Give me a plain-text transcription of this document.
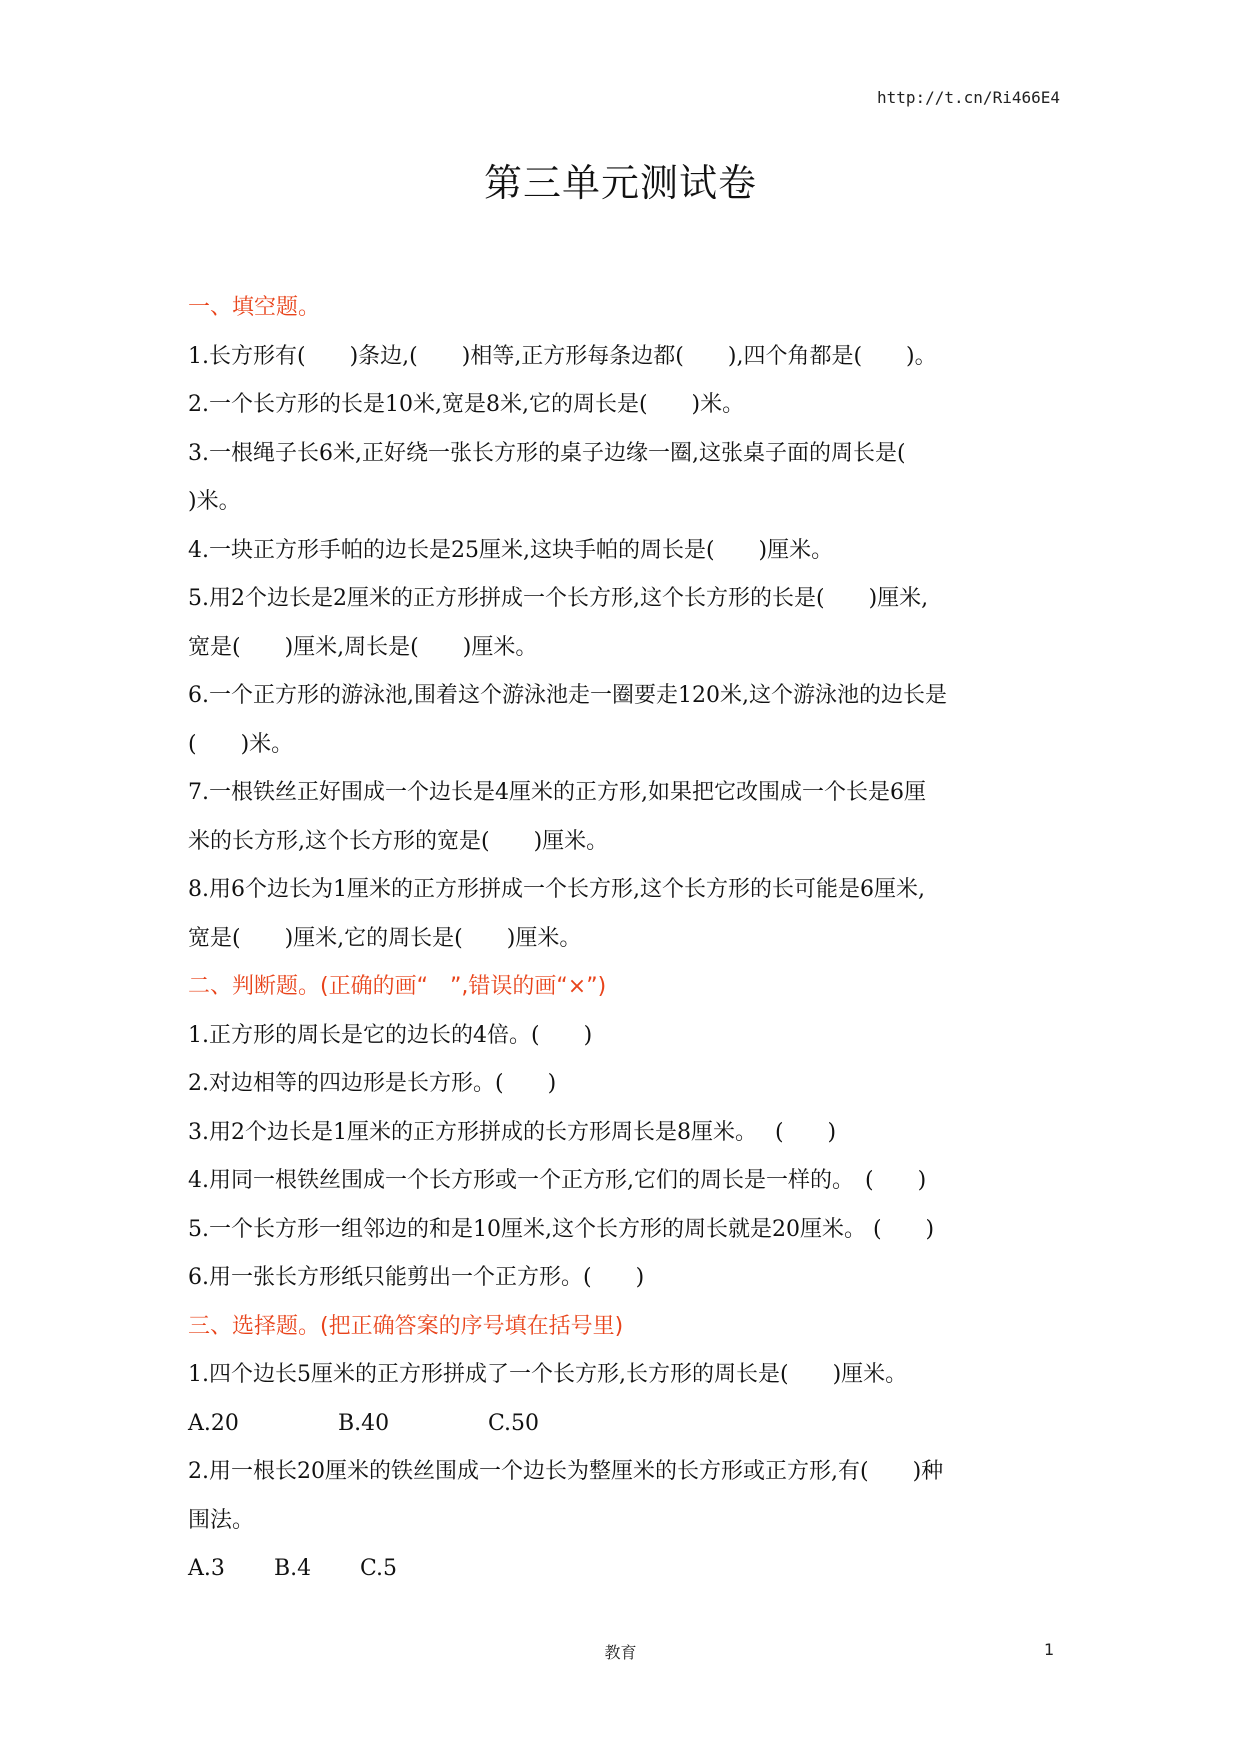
http://t.cn/Ri466E4
第三单元测试卷
一、填空题。
1.长方形有(　　)条边,(　　)相等,正方形每条边都(　　),四个角都是(　　)。
2.一个长方形的长是10米,宽是8米,它的周长是(　　)米。
3.一根绳子长6米,正好绕一张长方形的桌子边缘一圈,这张桌子面的周长是(
)米。
4.一块正方形手帕的边长是25厘米,这块手帕的周长是(　　)厘米。
5.用2个边长是2厘米的正方形拼成一个长方形,这个长方形的长是(　　)厘米,
宽是(　　)厘米,周长是(　　)厘米。
6.一个正方形的游泳池,围着这个游泳池走一圈要走120米,这个游泳池的边长是
(　　)米。
7.一根铁丝正好围成一个边长是4厘米的正方形,如果把它改围成一个长是6厘
米的长方形,这个长方形的宽是(　　)厘米。
8.用6个边长为1厘米的正方形拼成一个长方形,这个长方形的长可能是6厘米,
宽是(　　)厘米,它的周长是(　　)厘米。
二、判断题。(正确的画“　”,错误的画“×”)
1.正方形的周长是它的边长的4倍。(　　)
2.对边相等的四边形是长方形。(　　)
3.用2个边长是1厘米的正方形拼成的长方形周长是8厘米。　 (　　)
4.用同一根铁丝围成一个长方形或一个正方形,它们的周长是一样的。　(　　)
5.一个长方形一组邻边的和是10厘米,这个长方形的周长就是20厘米。 (　　)
6.用一张长方形纸只能剪出一个正方形。(　　)
三、选择题。(把正确答案的序号填在括号里)
1.四个边长5厘米的正方形拼成了一个长方形,长方形的周长是(　　)厘米。
A.20	B.40	C.50
2.用一根长20厘米的铁丝围成一个边长为整厘米的长方形或正方形,有(　　)种
围法。
A.3 B.4 C.5
教育	1
